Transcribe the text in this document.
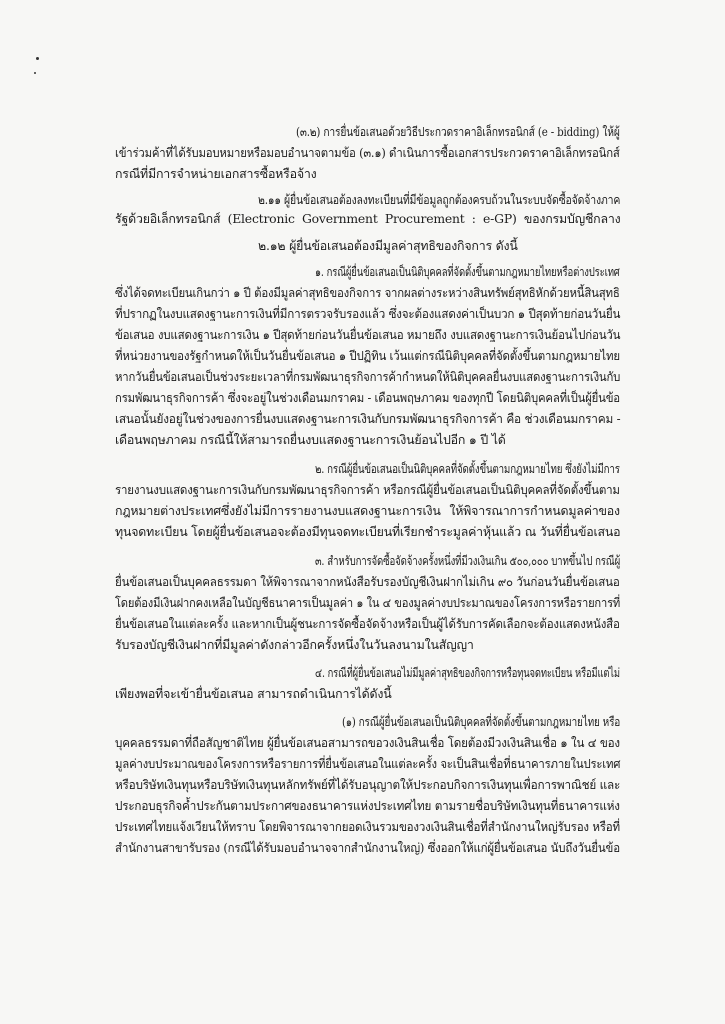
(๓.๒) การยื่นข้อเสนอด้วยวิธีประกวดราคาอิเล็กทรอนิกส์ (e - bidding) ให้ผู้
เข้าร่วมค้าที่ได้รับมอบหมายหรือมอบอำนาจตามข้อ (๓.๑) ดำเนินการซื้อเอกสารประกวดราคาอิเล็กทรอนิกส์
กรณีที่มีการจำหน่ายเอกสารซื้อหรือจ้าง
๒.๑๑ ผู้ยื่นข้อเสนอต้องลงทะเบียนที่มีข้อมูลถูกต้องครบถ้วนในระบบจัดซื้อจัดจ้างภาค
รัฐด้วยอิเล็กทรอนิกส์ (Electronic Government Procurement : e-GP) ของกรมบัญชีกลาง
๒.๑๒ ผู้ยื่นข้อเสนอต้องมีมูลค่าสุทธิของกิจการ ดังนี้
๑. กรณีผู้ยื่นข้อเสนอเป็นนิติบุคคลที่จัดตั้งขึ้นตามกฎหมายไทยหรือต่างประเทศ
ซึ่งได้จดทะเบียนเกินกว่า ๑ ปี ต้องมีมูลค่าสุทธิของกิจการ จากผลต่างระหว่างสินทรัพย์สุทธิหักด้วยหนี้สินสุทธิ
ที่ปรากฏในงบแสดงฐานะการเงินที่มีการตรวจรับรองแล้ว ซึ่งจะต้องแสดงค่าเป็นบวก ๑ ปีสุดท้ายก่อนวันยื่น
ข้อเสนอ งบแสดงฐานะการเงิน ๑ ปีสุดท้ายก่อนวันยื่นข้อเสนอ หมายถึง งบแสดงฐานะการเงินย้อนไปก่อนวัน
ที่หน่วยงานของรัฐกำหนดให้เป็นวันยื่นข้อเสนอ ๑ ปีปฏิทิน เว้นแต่กรณีนิติบุคคลที่จัดตั้งขึ้นตามกฎหมายไทย
หากวันยื่นข้อเสนอเป็นช่วงระยะเวลาที่กรมพัฒนาธุรกิจการค้ากำหนดให้นิติบุคคลยื่นงบแสดงฐานะการเงินกับ
กรมพัฒนาธุรกิจการค้า ซึ่งจะอยู่ในช่วงเดือนมกราคม - เดือนพฤษภาคม ของทุกปี โดยนิติบุคคลที่เป็นผู้ยื่นข้อ
เสนอนั้นยังอยู่ในช่วงของการยื่นงบแสดงฐานะการเงินกับกรมพัฒนาธุรกิจการค้า คือ ช่วงเดือนมกราคม -
เดือนพฤษภาคม กรณีนี้ให้สามารถยื่นงบแสดงฐานะการเงินย้อนไปอีก ๑ ปี ได้
๒. กรณีผู้ยื่นข้อเสนอเป็นนิติบุคคลที่จัดตั้งขึ้นตามกฎหมายไทย ซึ่งยังไม่มีการ
รายงานงบแสดงฐานะการเงินกับกรมพัฒนาธุรกิจการค้า หรือกรณีผู้ยื่นข้อเสนอเป็นนิติบุคคลที่จัดตั้งขึ้นตาม
กฎหมายต่างประเทศซึ่งยังไม่มีการรายงานงบแสดงฐานะการเงิน ให้พิจารณาการกำหนดมูลค่าของ
ทุนจดทะเบียน โดยผู้ยื่นข้อเสนอจะต้องมีทุนจดทะเบียนที่เรียกชำระมูลค่าหุ้นแล้ว ณ วันที่ยื่นข้อเสนอ
๓. สำหรับการจัดซื้อจัดจ้างครั้งหนึ่งที่มีวงเงินเกิน ๕๐๐,๐๐๐ บาทขึ้นไป กรณีผู้
ยื่นข้อเสนอเป็นบุคคลธรรมดา ให้พิจารณาจากหนังสือรับรองบัญชีเงินฝากไม่เกิน ๙๐ วันก่อนวันยื่นข้อเสนอ
โดยต้องมีเงินฝากคงเหลือในบัญชีธนาคารเป็นมูลค่า ๑ ใน ๔ ของมูลค่างบประมาณของโครงการหรือรายการที่
ยื่นข้อเสนอในแต่ละครั้ง และหากเป็นผู้ชนะการจัดซื้อจัดจ้างหรือเป็นผู้ได้รับการคัดเลือกจะต้องแสดงหนังสือ
รับรองบัญชีเงินฝากที่มีมูลค่าดังกล่าวอีกครั้งหนึ่งในวันลงนามในสัญญา
๔. กรณีที่ผู้ยื่นข้อเสนอไม่มีมูลค่าสุทธิของกิจการหรือทุนจดทะเบียน หรือมีแต่ไม่
เพียงพอที่จะเข้ายื่นข้อเสนอ สามารถดำเนินการได้ดังนี้
(๑) กรณีผู้ยื่นข้อเสนอเป็นนิติบุคคลที่จัดตั้งขึ้นตามกฎหมายไทย หรือ
บุคคลธรรมดาที่ถือสัญชาติไทย ผู้ยื่นข้อเสนอสามารถขอวงเงินสินเชื่อ โดยต้องมีวงเงินสินเชื่อ ๑ ใน ๔ ของ
มูลค่างบประมาณของโครงการหรือรายการที่ยื่นข้อเสนอในแต่ละครั้ง จะเป็นสินเชื่อที่ธนาคารภายในประเทศ
หรือบริษัทเงินทุนหรือบริษัทเงินทุนหลักทรัพย์ที่ได้รับอนุญาตให้ประกอบกิจการเงินทุนเพื่อการพาณิชย์ และ
ประกอบธุรกิจค้ำประกันตามประกาศของธนาคารแห่งประเทศไทย ตามรายชื่อบริษัทเงินทุนที่ธนาคารแห่ง
ประเทศไทยแจ้งเวียนให้ทราบ โดยพิจารณาจากยอดเงินรวมของวงเงินสินเชื่อที่สำนักงานใหญ่รับรอง หรือที่
สำนักงานสาขารับรอง (กรณีได้รับมอบอำนาจจากสำนักงานใหญ่) ซึ่งออกให้แก่ผู้ยื่นข้อเสนอ นับถึงวันยื่นข้อ
